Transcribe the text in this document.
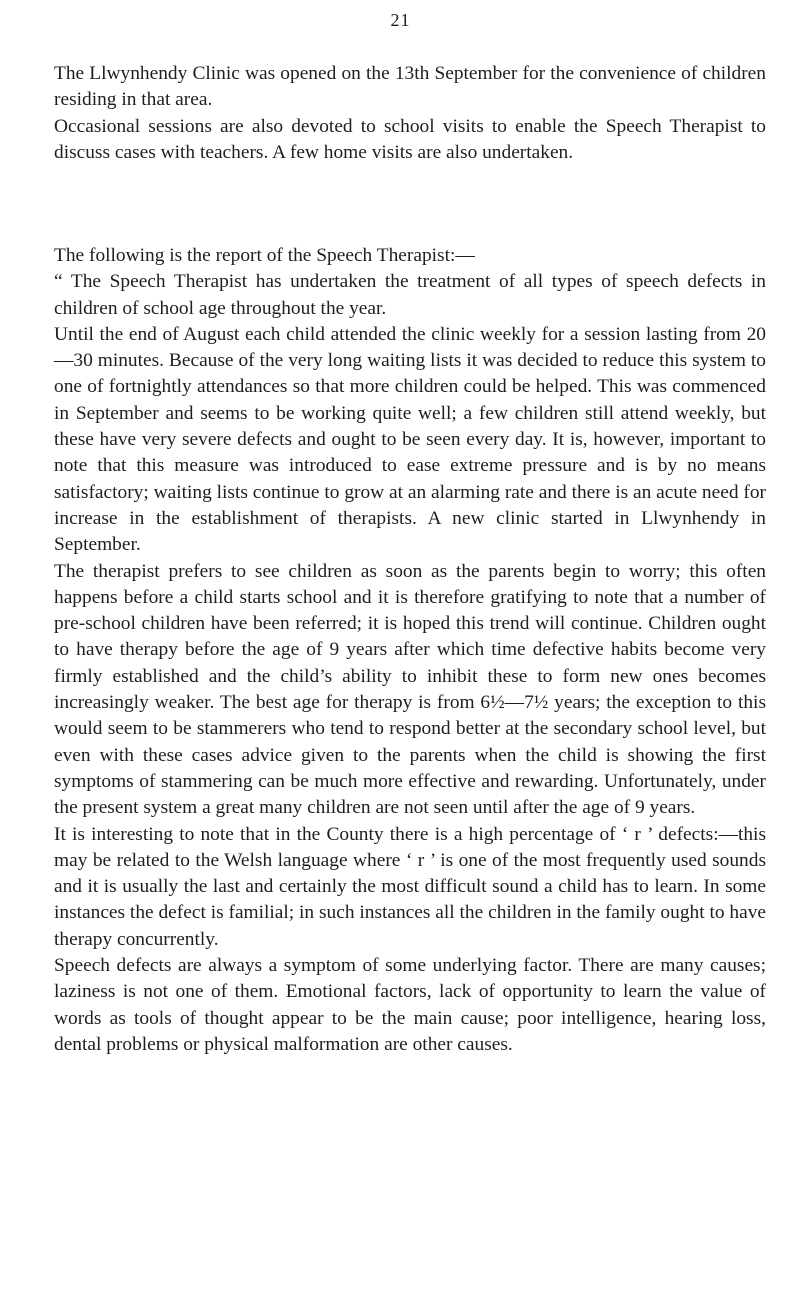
21

The Llwynhendy Clinic was opened on the 13th September for the convenience of children residing in that area.

Occasional sessions are also devoted to school visits to enable the Speech Therapist to discuss cases with teachers. A few home visits are also undertaken.

The following is the report of the Speech Therapist:—

“ The Speech Therapist has undertaken the treatment of all types of speech defects in children of school age throughout the year.

Until the end of August each child attended the clinic weekly for a session lasting from 20—30 minutes. Because of the very long waiting lists it was decided to reduce this system to one of fortnightly attendances so that more children could be helped. This was commenced in September and seems to be working quite well; a few children still attend weekly, but these have very severe defects and ought to be seen every day. It is, however, important to note that this measure was introduced to ease extreme pressure and is by no means satisfactory; waiting lists continue to grow at an alarming rate and there is an acute need for increase in the establishment of therapists. A new clinic started in Llwynhendy in September.

The therapist prefers to see children as soon as the parents begin to worry; this often happens before a child starts school and it is therefore gratifying to note that a number of pre-school children have been referred; it is hoped this trend will continue. Children ought to have therapy before the age of 9 years after which time defective habits become very firmly established and the child’s ability to inhibit these to form new ones becomes increasingly weaker. The best age for therapy is from 6½—7½ years; the exception to this would seem to be stammerers who tend to respond better at the secondary school level, but even with these cases advice given to the parents when the child is showing the first symptoms of stammering can be much more effective and rewarding. Unfortunately, under the present system a great many children are not seen until after the age of 9 years.

It is interesting to note that in the County there is a high percentage of ‘ r ’ defects:—this may be related to the Welsh language where ‘ r ’ is one of the most frequently used sounds and it is usually the last and certainly the most difficult sound a child has to learn. In some instances the defect is familial; in such instances all the children in the family ought to have therapy concurrently.

Speech defects are always a symptom of some underlying factor. There are many causes; laziness is not one of them. Emotional factors, lack of opportunity to learn the value of words as tools of thought appear to be the main cause; poor intelligence, hearing loss, dental problems or physical malformation are other causes.
